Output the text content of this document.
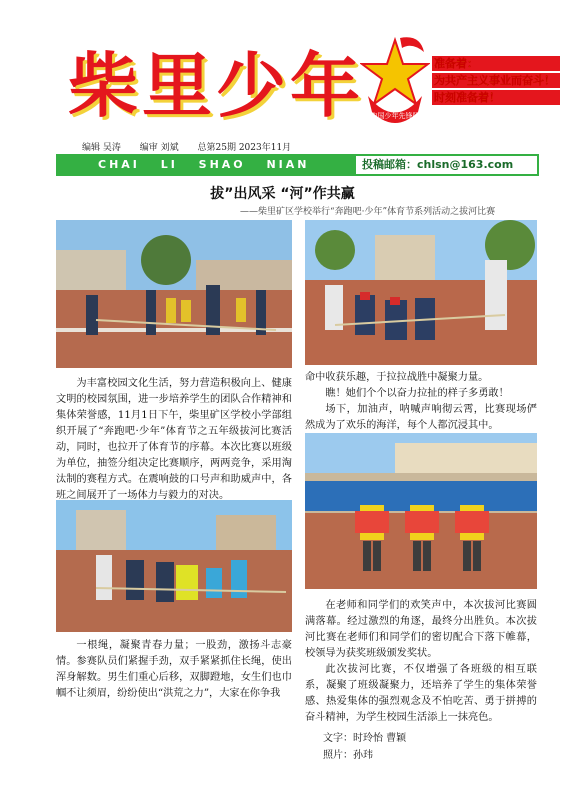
柴里少年 中国少年先锋队
准备着：
为共产主义事业而奋斗！
时刻准备着！
编辑 吴涛 编审 刘斌 总第25期 2023年11月
CHAI LI SHAO NIAN	投稿邮箱：chlsn@163.com
拔”出风采 “河”作共赢
——柴里矿区学校举行“奔跑吧·少年”体育节系列活动之拔河比赛

为丰富校园文化生活，努力营造积极向上、健康文明的校园氛围，进一步培养学生的团队合作精神和集体荣誉感，11月1日下午，柴里矿区学校小学部组织开展了“奔跑吧·少年”体育节之五年级拔河比赛活动，同时，也拉开了体育节的序幕。本次比赛以班级为单位，抽签分组决定比赛顺序，两两竞争，采用淘汰制的赛程方式。在震响鼓的口号声和助威声中，各班之间展开了一场体力与毅力的对决。

命中收获乐趣，于拉拉战胜中凝聚力量。

瞧！她们个个以奋力拉扯的样子多勇敢！

场下，加油声，呐喊声响彻云霄，比赛现场俨然成为了欢乐的海洋，每个人都沉浸其中。

一根绳，凝聚青春力量；一股劲，激扬斗志豪情。参赛队员们紧握手劲，双手紧紧抓住长绳，使出浑身解数。男生们重心后移，双脚蹬地，女生们也巾帼不让须眉，纷纷使出“洪荒之力”，大家在你争我

在老师和同学们的欢笑声中，本次拔河比赛圆满落幕。经过激烈的角逐，最终分出胜负。本次拔河比赛在老师们和同学们的密切配合下落下帷幕，校领导为获奖班级颁发奖状。

此次拔河比赛，不仅增强了各班级的相互联系，凝聚了班级凝聚力，还培养了学生的集体荣誉感、热爱集体的强烈观念及不怕吃苦、勇于拼搏的奋斗精神，为学生校园生活添上一抹亮色。

文字：时玲怡 曹颖
照片：孙玮
